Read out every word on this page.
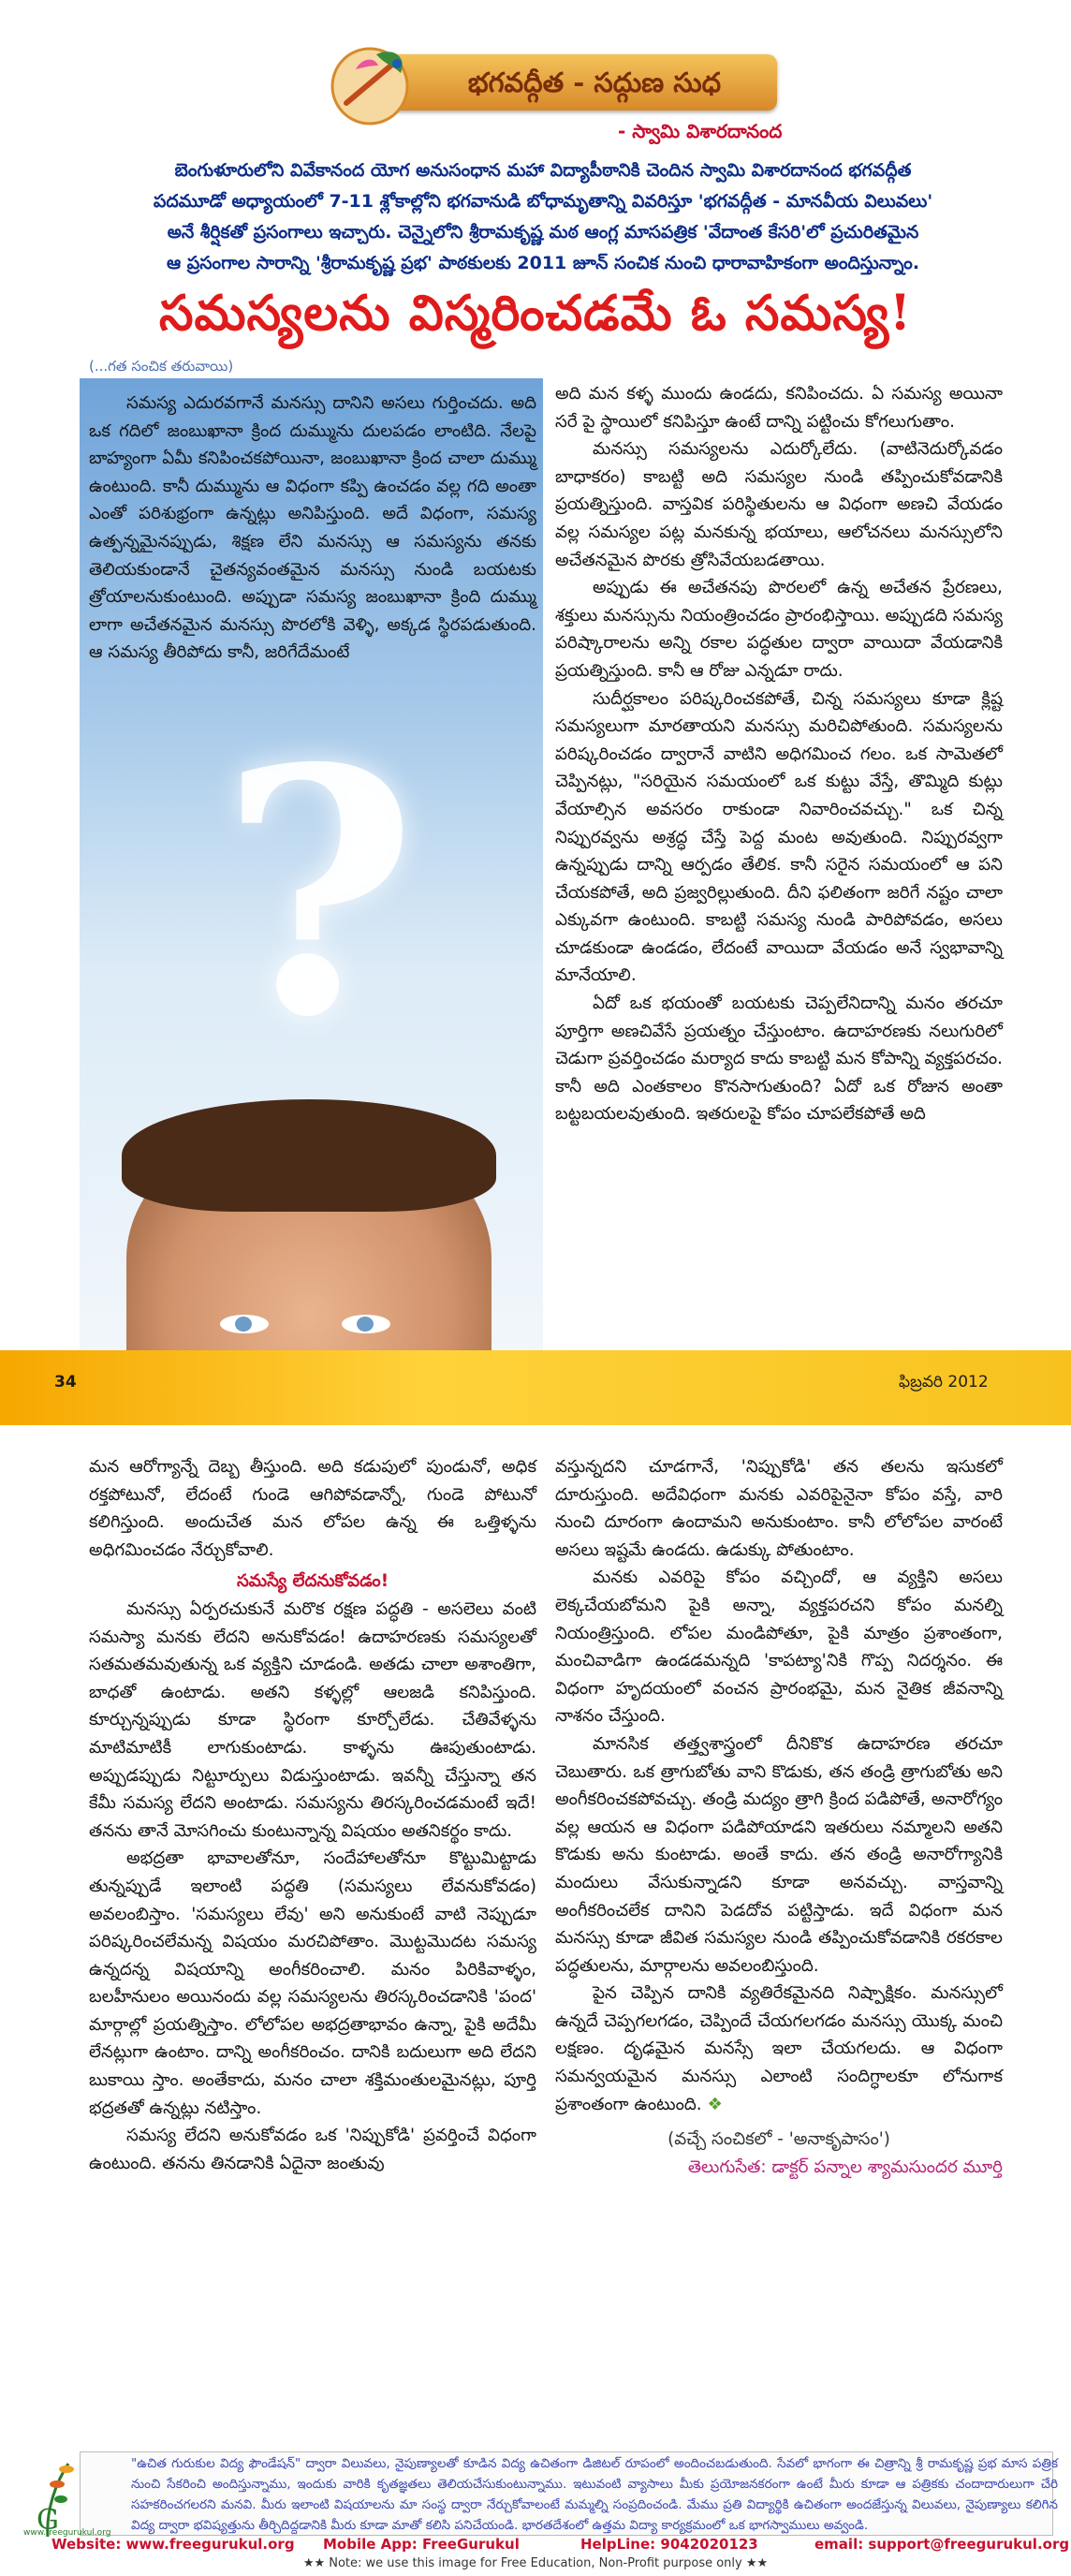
భగవద్గీత - సద్గుణ సుధ
- స్వామి విశారదానంద
బెంగుళూరులోని వివేకానంద యోగ అనుసంధాన మహా విద్యాపీఠానికి చెందిన స్వామి విశారదానంద భగవద్గీత
పదమూడో అధ్యాయంలో 7-11 శ్లోకాల్లోని భగవానుడి బోధామృతాన్ని వివరిస్తూ 'భగవద్గీత - మానవీయ విలువలు'
అనే శీర్షికతో ప్రసంగాలు ఇచ్చారు. చెన్నైలోని శ్రీరామకృష్ణ మఠ ఆంగ్ల మాసపత్రిక 'వేదాంత కేసరి'లో ప్రచురితమైన
ఆ ప్రసంగాల సారాన్ని 'శ్రీరామకృష్ణ ప్రభ' పాఠకులకు 2011 జూన్ సంచిక నుంచి ధారావాహికంగా అందిస్తున్నాం.
సమస్యలను విస్మరించడమే ఓ సమస్య!
(...గత సంచిక తరువాయి)
?

సమస్య ఎదురవగానే మనస్సు దానిని అసలు గుర్తించదు. అది ఒక గదిలో జంబుఖానా క్రింద దుమ్మును దులపడం లాంటిది. నేలపై బాహ్యంగా ఏమీ కనిపించకపోయినా, జంబుఖానా క్రింద చాలా దుమ్ము ఉంటుంది. కానీ దుమ్మును ఆ విధంగా కప్పి ఉంచడం వల్ల గది అంతా ఎంతో పరిశుభ్రంగా ఉన్నట్లు అనిపిస్తుంది. అదే విధంగా, సమస్య ఉత్పన్నమైనప్పుడు, శిక్షణ లేని మనస్సు ఆ సమస్యను తనకు తెలియకుండానే చైతన్యవంతమైన మనస్సు నుండి బయటకు త్రోయాలనుకుంటుంది. అప్పుడా సమస్య జంబుఖానా క్రింది దుమ్ము లాగా అచేతనమైన మనస్సు పొరలోకి వెళ్ళి, అక్కడ స్థిరపడుతుంది. ఆ సమస్య తీరిపోదు కానీ, జరిగేదేమంటే

అది మన కళ్ళ ముందు ఉండదు, కనిపించదు. ఏ సమస్య అయినా సరే పై స్థాయిలో కనిపిస్తూ ఉంటే దాన్ని పట్టించు కోగలుగుతాం.

మనస్సు సమస్యలను ఎదుర్కోలేదు. (వాటినెదుర్కోవడం బాధాకరం) కాబట్టి అది సమస్యల నుండి తప్పించుకోవడానికి ప్రయత్నిస్తుంది. వాస్తవిక పరిస్థితులను ఆ విధంగా అణచి వేయడం వల్ల సమస్యల పట్ల మనకున్న భయాలు, ఆలోచనలు మనస్సులోని అచేతనమైన పొరకు త్రోసివేయబడతాయి.

అప్పుడు ఈ అచేతనపు పొరలలో ఉన్న అచేతన ప్రేరణలు, శక్తులు మనస్సును నియంత్రించడం ప్రారంభిస్తాయి. అప్పుడది సమస్య పరిష్కారాలను అన్ని రకాల పద్ధతుల ద్వారా వాయిదా వేయడానికి ప్రయత్నిస్తుంది. కానీ ఆ రోజు ఎన్నడూ రాదు.

సుదీర్ఘకాలం పరిష్కరించకపోతే, చిన్న సమస్యలు కూడా క్లిష్ట సమస్యలుగా మారతాయని మనస్సు మరిచిపోతుంది. సమస్యలను పరిష్కరించడం ద్వారానే వాటిని అధిగమించ గలం. ఒక సామెతలో చెప్పినట్లు, "సరియైన సమయంలో ఒక కుట్టు వేస్తే, తొమ్మిది కుట్లు వేయాల్సిన అవసరం రాకుండా నివారించవచ్చు." ఒక చిన్న నిప్పురవ్వను అశ్రద్ధ చేస్తే పెద్ద మంట అవుతుంది. నిప్పురవ్వగా ఉన్నప్పుడు దాన్ని ఆర్పడం తేలిక. కానీ సరైన సమయంలో ఆ పని చేయకపోతే, అది ప్రజ్వరిల్లుతుంది. దీని ఫలితంగా జరిగే నష్టం చాలా ఎక్కువగా ఉంటుంది. కాబట్టి సమస్య నుండి పారిపోవడం, అసలు చూడకుండా ఉండడం, లేదంటే వాయిదా వేయడం అనే స్వభావాన్ని మానేయాలి.

ఏదో ఒక భయంతో బయటకు చెప్పలేనిదాన్ని మనం తరచూ పూర్తిగా అణచివేసే ప్రయత్నం చేస్తుంటాం. ఉదాహరణకు నలుగురిలో చెడుగా ప్రవర్తించడం మర్యాద కాదు కాబట్టి మన కోపాన్ని వ్యక్తపరచం. కానీ అది ఎంతకాలం కొనసాగుతుంది? ఏదో ఒక రోజున అంతా బట్టబయలవుతుంది. ఇతరులపై కోపం చూపలేకపోతే అది

34	ఫిబ్రవరి 2012

మన ఆరోగ్యాన్నే దెబ్బ తీస్తుంది. అది కడుపులో పుండునో, అధిక రక్తపోటునో, లేదంటే గుండె ఆగిపోవడాన్నో, గుండె పోటునో కలిగిస్తుంది. అందుచేత మన లోపల ఉన్న ఈ ఒత్తిళ్ళను అధిగమించడం నేర్చుకోవాలి.

సమస్యే లేదనుకోవడం!

మనస్సు ఏర్పరచుకునే మరొక రక్షణ పద్ధతి - అసలెలు వంటి సమస్యా మనకు లేదని అనుకోవడం! ఉదాహరణకు సమస్యలతో సతమతమవుతున్న ఒక వ్యక్తిని చూడండి. అతడు చాలా అశాంతిగా, బాధతో ఉంటాడు. అతని కళ్ళల్లో ఆలజడి కనిపిస్తుంది. కూర్చున్నప్పుడు కూడా స్థిరంగా కూర్చోలేడు. చేతివేళ్ళను మాటిమాటికీ లాగుకుంటాడు. కాళ్ళను ఊపుతుంటాడు. అప్పుడప్పుడు నిట్టూర్పులు విడుస్తుంటాడు. ఇవన్నీ చేస్తున్నా తన కేమీ సమస్య లేదని అంటాడు. సమస్యను తిరస్కరించడమంటే ఇదే! తనను తానే మోసగించు కుంటున్నాన్న విషయం అతనికర్థం కాదు.

అభద్రతా భావాలతోనూ, సందేహాలతోనూ కొట్టుమిట్టాడు తున్నప్పుడే ఇలాంటి పద్ధతి (సమస్యలు లేవనుకోవడం) అవలంబిస్తాం. 'సమస్యలు లేవు' అని అనుకుంటే వాటి నెప్పుడూ పరిష్కరించలేమన్న విషయం మరచిపోతాం. మొట్టమొదట సమస్య ఉన్నదన్న విషయాన్ని అంగీకరించాలి. మనం పిరికివాళ్ళం, బలహీనులం అయినందు వల్ల సమస్యలను తిరస్కరించడానికి 'పంద' మార్గాల్లో ప్రయత్నిస్తాం. లోలోపల అభద్రతాభావం ఉన్నా, పైకి అదేమీ లేనట్లుగా ఉంటాం. దాన్ని అంగీకరించం. దానికి బదులుగా అది లేదని బుకాయి స్తాం. అంతేకాదు, మనం చాలా శక్తిమంతులమైనట్లు, పూర్తి భద్రతతో ఉన్నట్లు నటిస్తాం.

సమస్య లేదని అనుకోవడం ఒక 'నిప్పుకోడి' ప్రవర్తించే విధంగా ఉంటుంది. తనను తినడానికి ఏదైనా జంతువు

వస్తున్నదని చూడగానే, 'నిప్పుకోడి' తన తలను ఇసుకలో దూరుస్తుంది. అదేవిధంగా మనకు ఎవరిపైనైనా కోపం వస్తే, వారి నుంచి దూరంగా ఉందామని అనుకుంటాం. కానీ లోలోపల వారంటే అసలు ఇష్టమే ఉండదు. ఉడుక్కు పోతుంటాం.

మనకు ఎవరిపై కోపం వచ్చిందో, ఆ వ్యక్తిని అసలు లెక్కచేయబోమని పైకి అన్నా, వ్యక్తపరచని కోపం మనల్ని నియంత్రిస్తుంది. లోపల మండిపోతూ, పైకి మాత్రం ప్రశాంతంగా, మంచివాడిగా ఉండడమన్నది 'కాపట్యా'నికి గొప్ప నిదర్శనం. ఈ విధంగా హృదయంలో వంచన ప్రారంభమై, మన నైతిక జీవనాన్ని నాశనం చేస్తుంది.

మానసిక తత్త్వశాస్త్రంలో దీనికొక ఉదాహరణ తరచూ చెబుతారు. ఒక త్రాగుబోతు వాని కొడుకు, తన తండ్రి త్రాగుబోతు అని అంగీకరించకపోవచ్చు. తండ్రి మద్యం త్రాగి క్రింద పడిపోతే, అనారోగ్యం వల్ల ఆయన ఆ విధంగా పడిపోయాడని ఇతరులు నమ్మాలని అతని కొడుకు అను కుంటాడు. అంతే కాదు. తన తండ్రి అనారోగ్యానికి మందులు వేసుకున్నాడని కూడా అనవచ్చు. వాస్తవాన్ని అంగీకరించలేక దానిని పెడదోవ పట్టిస్తాడు. ఇదే విధంగా మన మనస్సు కూడా జీవిత సమస్యల నుండి తప్పించుకోవడానికి రకరకాల పద్ధతులను, మార్గాలను అవలంబిస్తుంది.

పైన చెప్పిన దానికి వ్యతిరేకమైనది నిష్పాక్షికం. మనస్సులో ఉన్నదే చెప్పగలగడం, చెప్పిందే చేయగలగడం మనస్సు యొక్క మంచి లక్షణం. దృఢమైన మనస్సే ఇలా చేయగలదు. ఆ విధంగా సమన్వయమైన మనస్సు ఎలాంటి సందిగ్ధాలకూ లోనుగాక ప్రశాంతంగా ఉంటుంది. ❖

(వచ్చే సంచికలో - 'అనాకృపాసం')

తెలుగుసేత: డాక్టర్ పన్నాల శ్యామసుందర మూర్తి

G
"ఉచిత గురుకుల విద్య ఫౌండేషన్" ద్వారా విలువలు, నైపుణ్యాలతో కూడిన విద్య ఉచితంగా డిజిటల్ రూపంలో అందించబడుతుంది. సేవలో భాగంగా ఈ చిత్రాన్ని శ్రీ రామకృష్ణ ప్రభ మాస పత్రిక నుంచి సేకరించి అందిస్తున్నాము, ఇందుకు వారికి కృతజ్ఞతలు తెలియచేసుకుంటున్నాము. ఇటువంటి వ్యాసాలు మీకు ప్రయోజనకరంగా ఉంటే మీరు కూడా ఆ పత్రికకు చందాదారులుగా చేరి సహకరించగలరని మనవి. మీరు ఇలాంటి విషయాలను మా సంస్థ ద్వారా నేర్చుకోవాలంటే మమ్మల్ని సంప్రదించండి. మేము ప్రతి విద్యార్థికి ఉచితంగా అందజేస్తున్న విలువలు, నైపుణ్యాలు కలిగిన విద్య ద్వారా భవిష్యత్తును తీర్చిదిద్దడానికి మీరు కూడా మాతో కలిసి పనిచేయండి. భారతదేశంలో ఉత్తమ విద్యా కార్యక్రమంలో ఒక భాగస్వాములు అవ్వండి.
www.freegurukul.org
Website: www.freegurukul.org Mobile App: FreeGurukul	HelpLine: 9042020123	email: support@freegurukul.org
★★ Note: we use this image for Free Education, Non-Profit purpose only ★★
